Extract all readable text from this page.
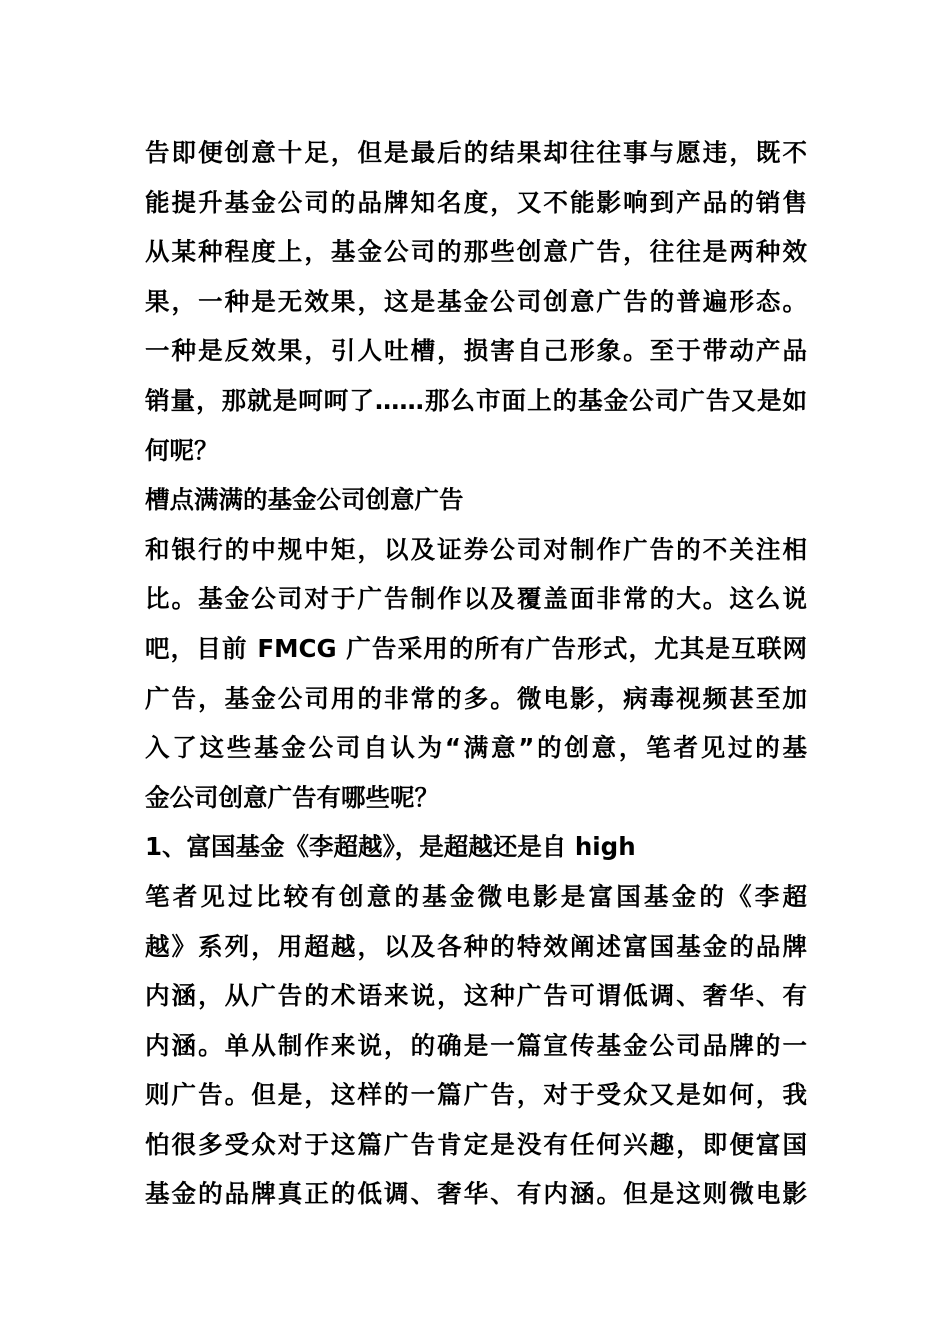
告即便创意十足，但是最后的结果却往往事与愿违，既不
能提升基金公司的品牌知名度，又不能影响到产品的销售
从某种程度上，基金公司的那些创意广告，往往是两种效
果，一种是无效果，这是基金公司创意广告的普遍形态。
一种是反效果，引人吐槽，损害自己形象。至于带动产品
销量，那就是呵呵了……那么市面上的基金公司广告又是如
何呢？
槽点满满的基金公司创意广告
和银行的中规中矩，以及证券公司对制作广告的不关注相
比。基金公司对于广告制作以及覆盖面非常的大。这么说
吧，目前 FMCG 广告采用的所有广告形式，尤其是互联网
广告，基金公司用的非常的多。微电影，病毒视频甚至加
入了这些基金公司自认为“满意”的创意，笔者见过的基
金公司创意广告有哪些呢？
1、富国基金《李超越》，是超越还是自 high
笔者见过比较有创意的基金微电影是富国基金的《李超
越》系列，用超越，以及各种的特效阐述富国基金的品牌
内涵，从广告的术语来说，这种广告可谓低调、奢华、有
内涵。单从制作来说，的确是一篇宣传基金公司品牌的一
则广告。但是，这样的一篇广告，对于受众又是如何，我
怕很多受众对于这篇广告肯定是没有任何兴趣，即便富国
基金的品牌真正的低调、奢华、有内涵。但是这则微电影
